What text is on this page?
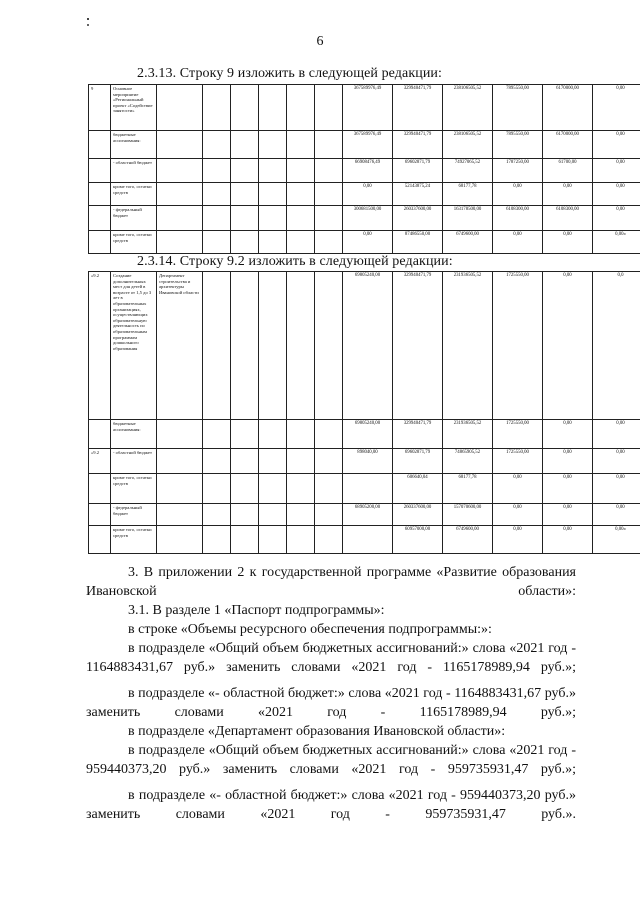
6
2.3.13. Строку 9 изложить в следующей редакции:
9	Основное мероприятие «Региональный проект «Содействие занятости»							367589976,49	329940471,79	238106505,52	7895550,00	6170000,00	0,00
	бюджетные ассигнования:							367589976,49	329940471,79	238106505,52	7895550,00	6170000,00	0,00
	- областной бюджет							66908476,49	69602871,79	74927065,52	1787250,00	61700,00	0,00
	кроме того, остатки средств							0,00	52143875,24	68177,78	0,00	0,00	0,00
	- федеральный бюджет							300681500,00	260337600,00	163178500,00	6108300,00	6108300,00	0,00
	кроме того, остатки средств							0,00	87486550,00	6749600,00	0,00	0,00	0,00»
2.3.14. Строку 9.2 изложить в следующей редакции:
«9.2	Создание дополнительных мест для детей в возрасте от 1,5 до 3 лет в образовательных организациях, осуществляющих образовательную деятельность по образовательным программам дошкольного образования	Департамент строительства и архитектуры Ивановской области						69805240,00	329940471,79	231936505,52	1725550,00	0,00	0,0
	бюджетные ассигнования:							69805240,00	329940471,79	231936505,52	1725550,00	0,00	0,00
«9.2	- областной бюджет							898040,00	69602871,79	74865905,52	1725550,00	0,00	0,00
	кроме того, остатки средств								606640,04	68177,78	0,00	0,00	0,00
	- федеральный бюджет							68905200,00	260337600,00	157070600,00	0,00	0,00	0,00
	кроме того, остатки средств								60957000,00	6749600,00	0,00	0,00	0,00»
3. В приложении 2 к государственной программе «Развитие образования Ивановской области»:
3.1. В разделе 1 «Паспорт подпрограммы»:
в строке «Объемы ресурсного обеспечения подпрограммы:»:
в подразделе «Общий объем бюджетных ассигнований:» слова «2021 год - 1164883431,67 руб.» заменить словами «2021 год - 1165178989,94 руб.»;
в подразделе «- областной бюджет:» слова «2021 год - 1164883431,67 руб.» заменить словами «2021 год - 1165178989,94 руб.»;
в подразделе «Департамент образования Ивановской области»:
в подразделе «Общий объем бюджетных ассигнований:» слова «2021 год - 959440373,20 руб.» заменить словами «2021 год - 959735931,47 руб.»;
в подразделе «- областной бюджет:» слова «2021 год - 959440373,20 руб.» заменить словами «2021 год - 959735931,47 руб.».
